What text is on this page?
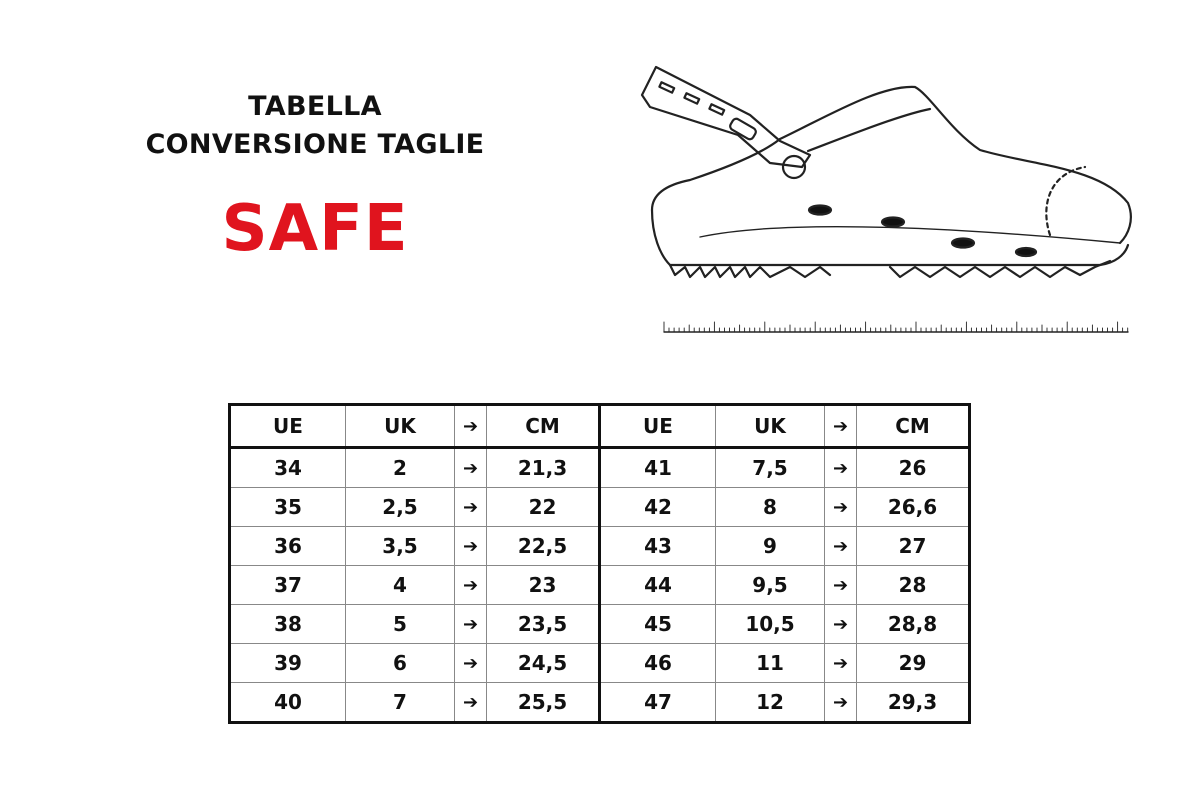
TABELLA
CONVERSIONE TAGLIE
SAFE
UE	UK	➔	CM	UE	UK	➔	CM
34	2	➔	21,3	41	7,5	➔	26
35	2,5	➔	22	42	8	➔	26,6
36	3,5	➔	22,5	43	9	➔	27
37	4	➔	23	44	9,5	➔	28
38	5	➔	23,5	45	10,5	➔	28,8
39	6	➔	24,5	46	11	➔	29
40	7	➔	25,5	47	12	➔	29,3
